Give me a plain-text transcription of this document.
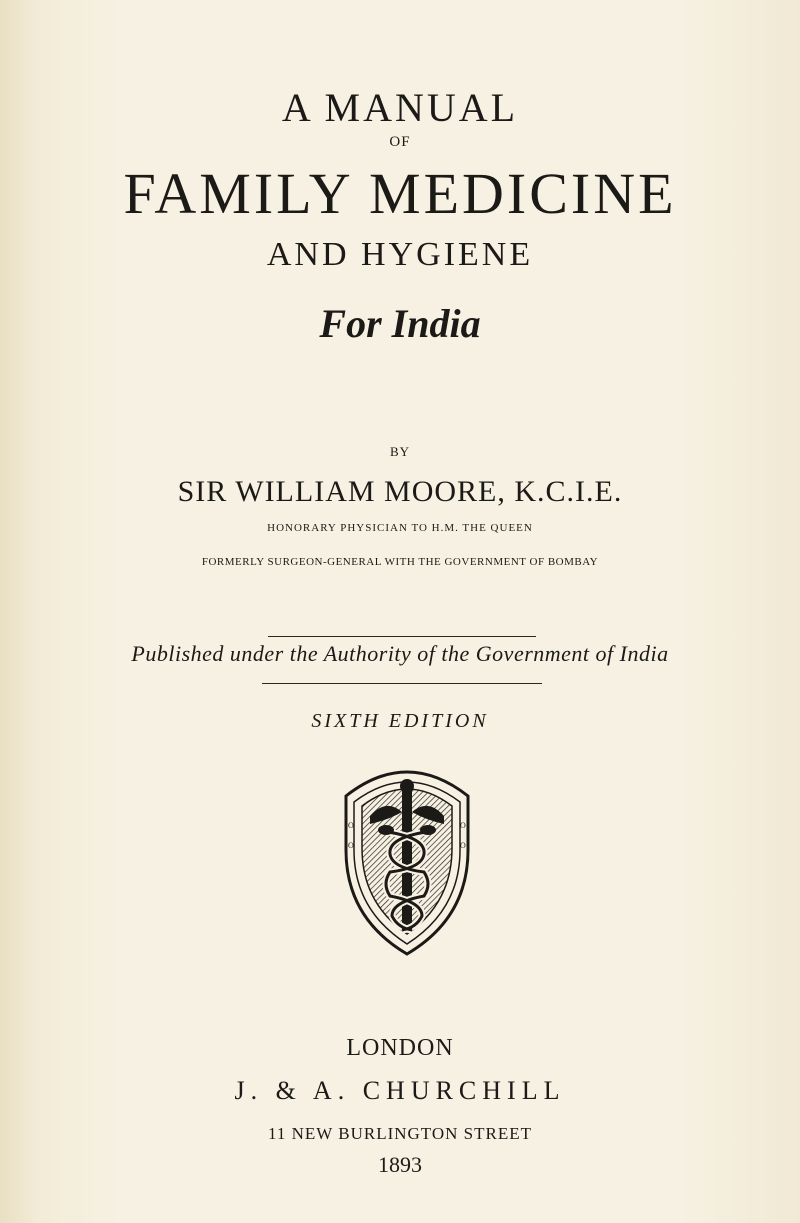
A MANUAL
OF
FAMILY MEDICINE
AND HYGIENE
For India
BY
SIR WILLIAM MOORE, K.C.I.E.
HONORARY PHYSICIAN TO H.M. THE QUEEN
FORMERLY SURGEON-GENERAL WITH THE GOVERNMENT OF BOMBAY
Published under the Authority of the Government of India
SIXTH EDITION
O
O
O
O
LONDON
J. & A. CHURCHILL
11 NEW BURLINGTON STREET
1893
